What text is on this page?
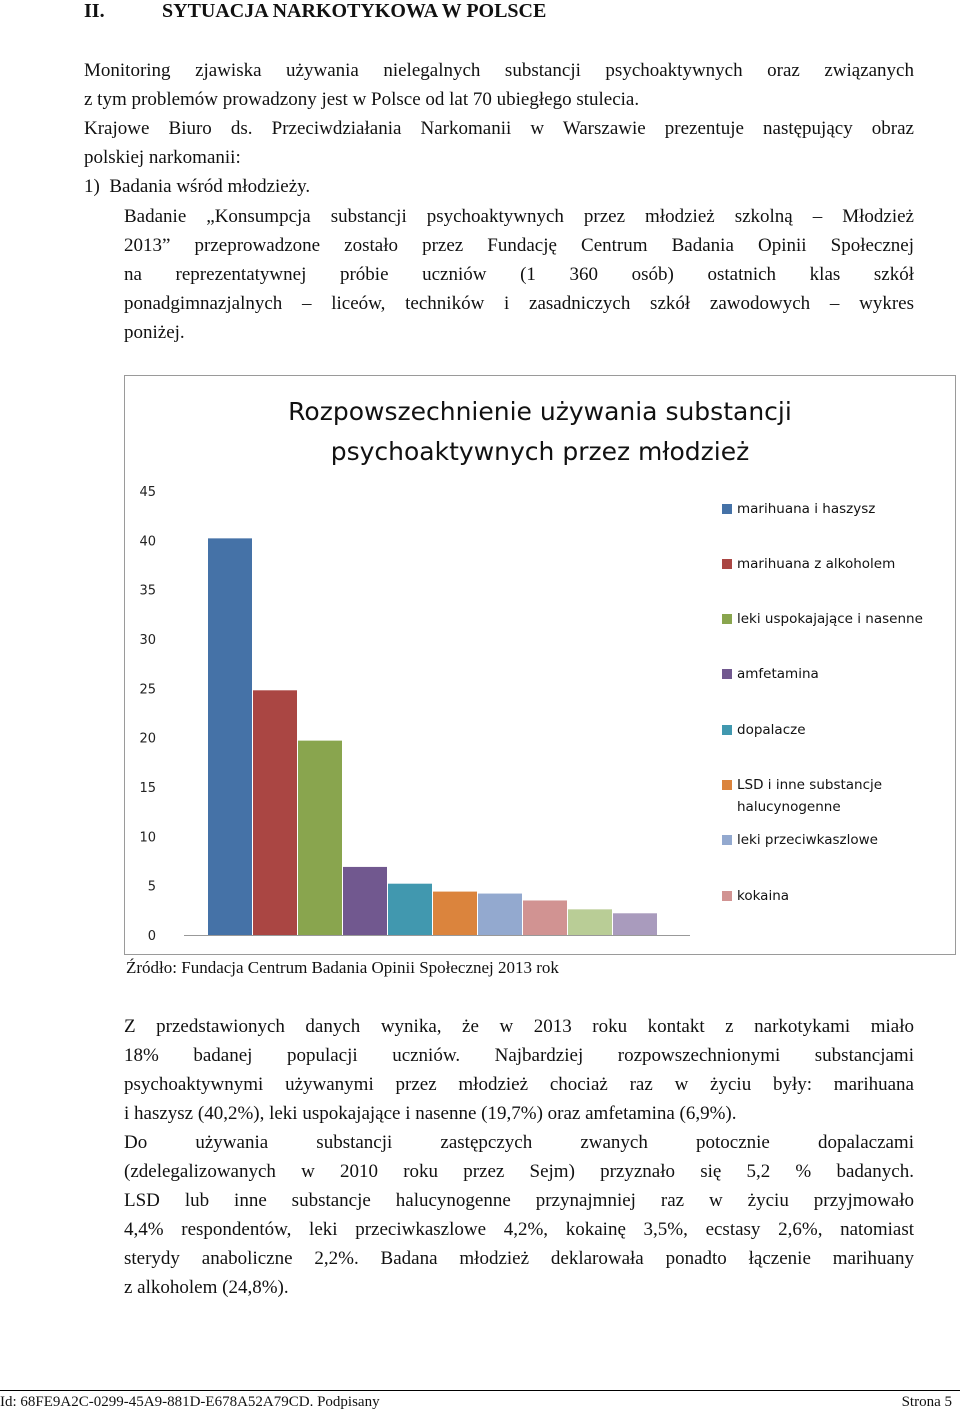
II.	SYTUACJA NARKOTYKOWA W POLSCE
Monitoring zjawiska używania nielegalnych substancji psychoaktywnych oraz związanych
z tym problemów prowadzony jest w Polsce od lat 70 ubiegłego stulecia.
Krajowe Biuro ds. Przeciwdziałania Narkomanii w Warszawie prezentuje następujący obraz
polskiej narkomanii:
1)  Badania wśród młodzieży.
Badanie „Konsumpcja substancji psychoaktywnych przez młodzież szkolną – Młodzież
2013” przeprowadzone zostało przez Fundację Centrum Badania Opinii Społecznej
na reprezentatywnej próbie uczniów (1 360 osób) ostatnich klas szkół
ponadgimnazjalnych – liceów, techników i zasadniczych szkół zawodowych – wykres
poniżej.
Rozpowszechnienie używania substancji
psychoaktywnych przez młodzież
0
5
10
15
20
25
30
35
40
45
marihuana i haszysz
marihuana z alkoholem
leki uspokajające i nasenne
amfetamina
dopalacze
LSD i inne substancje
halucynogenne
leki przeciwkaszlowe
kokaina
Źródło: Fundacja Centrum Badania Opinii Społecznej 2013 rok
Z przedstawionych danych wynika, że w 2013 roku kontakt z narkotykami miało
18% badanej populacji uczniów. Najbardziej rozpowszechnionymi substancjami
psychoaktywnymi używanymi przez młodzież chociaż raz w życiu były: marihuana
i haszysz (40,2%), leki uspokajające i nasenne (19,7%) oraz amfetamina (6,9%).
Do używania substancji zastępczych zwanych potocznie dopalaczami
(zdelegalizowanych w 2010 roku przez Sejm) przyznało się 5,2 % badanych.
LSD lub inne substancje halucynogenne przynajmniej raz w życiu przyjmowało
4,4% respondentów, leki przeciwkaszlowe 4,2%, kokainę 3,5%, ecstasy 2,6%, natomiast
sterydy anaboliczne 2,2%. Badana młodzież deklarowała ponadto łączenie marihuany
z alkoholem (24,8%).
Id: 68FE9A2C-0299-45A9-881D-E678A52A79CD. Podpisany	Strona 5
